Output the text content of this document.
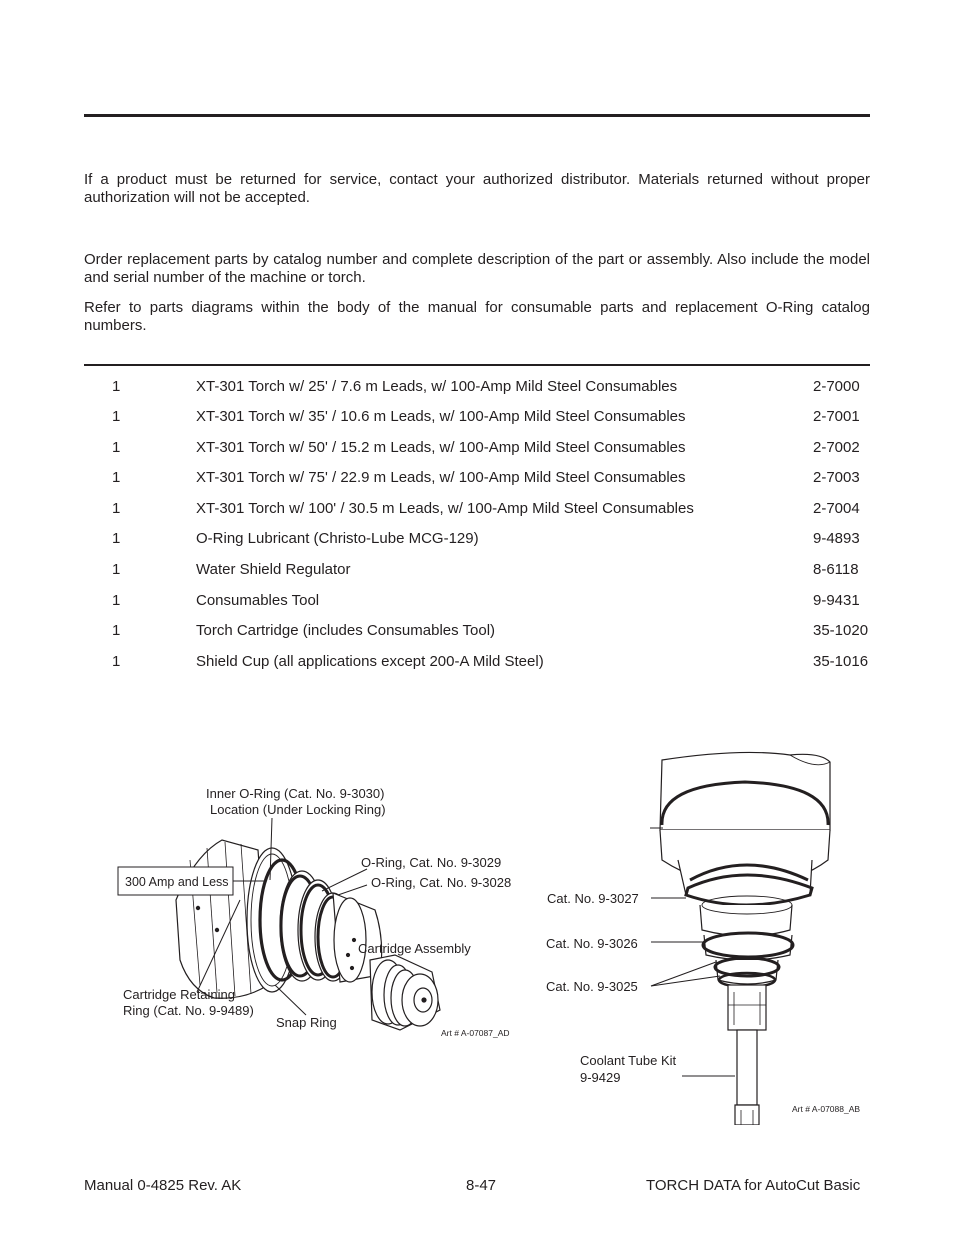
If a product must be returned for service, contact your authorized distributor. Materials returned without proper authorization will not be accepted.

Order replacement parts by catalog number and complete description of the part or assembly. Also include the model and serial number of the machine or torch.

Refer to parts diagrams within the body of the manual for consumable parts and replacement O-Ring catalog numbers.

1	XT-301 Torch w/ 25' / 7.6 m Leads, w/ 100-Amp Mild Steel Consumables	2-7000
1	XT-301 Torch w/ 35' / 10.6 m Leads, w/ 100-Amp Mild Steel Consumables	2-7001
1	XT-301 Torch w/ 50' / 15.2 m Leads, w/ 100-Amp Mild Steel Consumables	2-7002
1	XT-301 Torch w/ 75' / 22.9 m Leads, w/ 100-Amp Mild Steel Consumables	2-7003
1	XT-301 Torch w/ 100' / 30.5 m Leads, w/ 100-Amp Mild Steel Consumables	2-7004
1	O-Ring Lubricant (Christo-Lube MCG-129)	9-4893
1	Water Shield Regulator	8-6118
1	Consumables Tool	9-9431
1	Torch Cartridge (includes Consumables Tool)	35-1020
1	Shield Cup (all applications except 200-A Mild Steel)	35-1016
300 Amp and Less
Inner O-Ring (Cat. No. 9-3030)
Location (Under Locking Ring)
O-Ring, Cat. No. 9-3029
O-Ring, Cat. No. 9-3028
Cartridge Assembly
Cartridge Retaining
Ring (Cat. No. 9-9489)
Snap Ring
Art # A-07087_AD
Cat. No. 9-3027
Cat. No. 9-3026
Cat. No. 9-3025
Coolant Tube Kit
9-9429
Art # A-07088_AB
Manual 0-4825 Rev. AK	8-47	TORCH DATA for AutoCut Basic
